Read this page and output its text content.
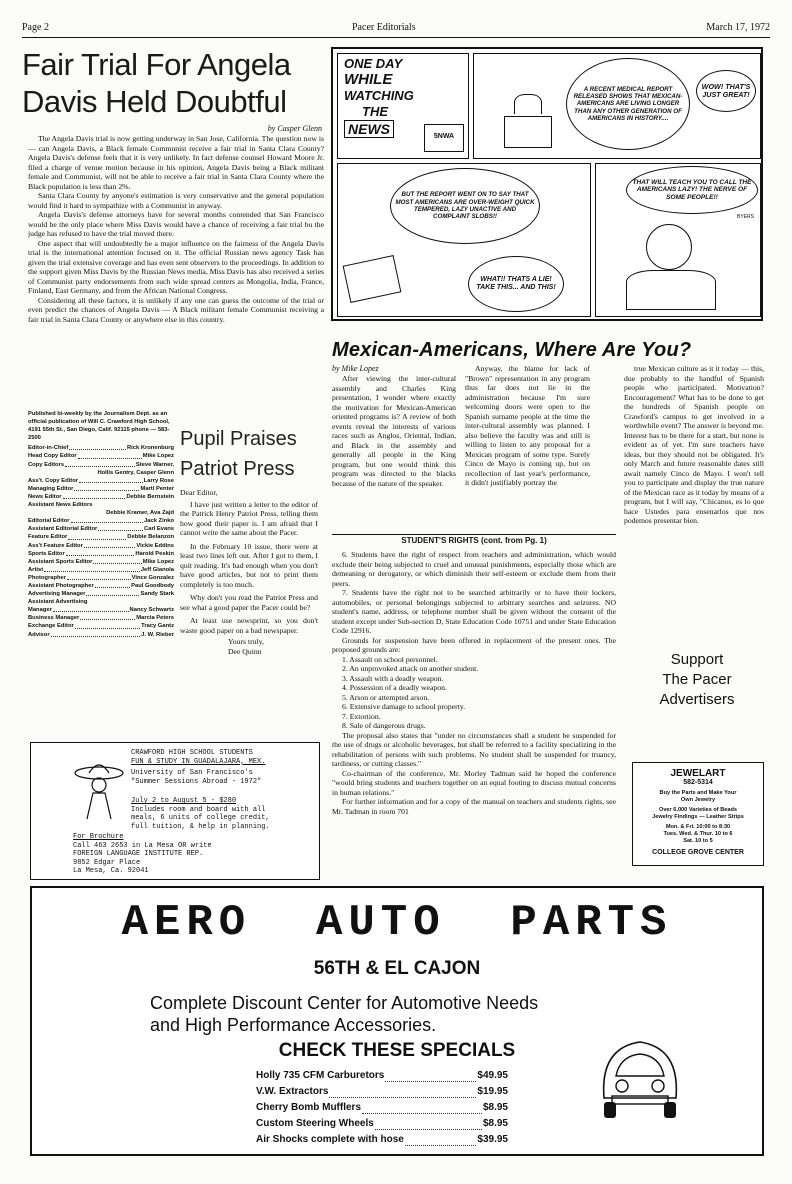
Page 2	Pacer Editorials	March 17, 1972
Fair Trial For Angela
Davis Held Doubtful
by Casper Glenn

The Angela Davis trial is now getting underway in San Jose, California. The question now is — can Angela Davis, a Black female Communist receive a fair trial in Santa Clara County? Angela Davis's defense feels that it is very unlikely. In fact defense counsel Howard Moore Jr. filed a charge of venue motion because in his opinion, Angela Davis being a Black militant female and Communist, will not be able to receive a fair trial in Santa Clara County where the Black population is less than 2%.

Santa Clara County by anyone's estimation is very conservative and the general population would find it hard to sympathize with a Communist in anyway.

Angela Davis's defense attorneys have for several months contended that San Francisco would be the only place where Miss Davis would have a chance of receiving a fair trial bu the judge has refused to have the trial moved there.

One aspect that will undoubtedly be a major influence on the fairness of the Angela Davis trial is the international attention focused on it. The official Russian news agency Task has given the trial extensive coverage and has even sent observers to the proceedings. In addition to the support given Miss Davis by the Russian News media, Miss Davis has also received a series of Communist party endorsements from such wide spread centers as Mongolia, India, France, Finland, East Germany, and from the African National Congress.

Considering all these factors, it is unlikely if any one can guess the outcome of the trial or even predict the chances of Angela Davis — A Black militant female Communist receiving a fair trial in Santa Clara County or anywhere else in this country.

ONE DAY
WHILE
WATCHING
THE
NEWS	5NWA
A RECENT MEDICAL REPORT RELEASED SHOWS THAT MEXICAN-AMERICANS ARE LIVING LONGER THAN ANY OTHER GENERATION OF AMERICANS IN HISTORY....
WOW! THAT'S JUST GREAT!
BUT THE REPORT WENT ON TO SAY THAT MOST AMERICANS ARE OVER-WEIGHT QUICK TEMPERED, LAZY UNACTIVE AND COMPLAINT SLOBS!!
WHAT!! THATS A LIE! TAKE THIS... AND THIS!
THAT WILL TEACH YOU TO CALL THE AMERICANS LAZY! THE NERVE OF SOME PEOPLE!!
BYERS
Mexican-Americans, Where Are You?
by Mike Lopez
After viewing the inter-cultural assembly and Charles King presentation, I wonder where exactly the motivation for Mexican-American oriented programs is? A review of both events reveal the interests of various races such as Anglos, Oriental, Indian, and Black in the assembly and generally all people in the King program, but one would think this program was directed to the blacks because of the nature of the speaker.
Anyway, the blame for lack of "Brown" representation in any program thus far does not lie in the administration because I'm sure welcoming doors were open to the Spanish surname people at the time the inter-cultural assembly was planned. I also believe the faculty was and still is willing to listen to any proposal for a Mexican program of some type. Surely Cinco de Mayo is coming up, but on recollection of last year's performance, it didn't justifiably portray the
true Mexican culture as it it today — this, due probably to the handful of Spanish people who participated. Motivation? Encouragement? What has to be done to get the hundreds of Spanish people on Crawford's campus to get involved in a worthwhile event? The answer is beyond me. Interest has to be there for a start, but none is evident as of yet. I'm sure teachers have ideas, but they should not be obligated. It's only March and future reasonable dates still await namely Cinco de Mayo. I won't tell you to participate and display the true nature of the Mexican race as it today by means of a program, but I will say, "Chicanos, es lo que hace Ustedes para ensenarlos que nos podemos presentar bien.
Published bi-weekly by the Journalism Dept. as an official publication of Will C. Crawford High School, 4191 55th St., San Diego, Calif. 92115 phone — 583-2500
Editor-in-Chief	Rick Kronenburg
Head Copy Editor	Mike Lopez
Copy Editors	Steve Warner,
Hollis Gentry, Casper Glenn
Ass't. Copy Editor	Larry Rose
Managing Editor	Marti Penter
News Editor	Debbie Bernstein
Assistant News Editors
Debbie Kramer, Ava Zajd
Editorial Editor	Jack Zinko
Assistant Editorial Editor	Carl Evans
Feature Editor	Debbie Belanzon
Ass't Feature Editor	Vickie Eddins
Sports Editor	Harold Peskin
Assistant Sports Editor	Mike Lopez
Artist	Jeff Gianola
Photographer	Vince Gonzalez
Assistant Photographer	Paul Goodbody
Advertising Manager	Sandy Stark
Assistant Advertising
Manager	Nancy Schwartz
Business Manager	Marcia Peters
Exchange Editor	Tracy Gantz
Advisor	J. W. Rieber
Pupil Praises
Patriot Press
Dear Editor,

I have just written a letter to the editor of the Patrick Henry Patriot Press, telling them how good their paper is. I am afraid that I cannot write the same about the Pacer.

In the February 10 issue, there were at least two lines left out. After I got to them, I quit reading. It's bad enough when you don't have good articles, but not to print them completely is too much.

Why don't you read the Patriot Press and see what a good paper the Pacer could be?

At least use newsprint, so you don't waste good paper on a bad newspaper.

Yours truly,
Dee Quinn
STUDENT'S RIGHTS (cont. from Pg. 1)

6. Students have the right of respect from teachers and administration, which would exclude their being subjected to cruel and unusual punishments, especially those which are demeaning or derogatory, or which diminish their self-esteem or exclude them from their peers.

7. Students have the right not to be searched arbitrarily or to have their lockers, automobiles, or personal belongings subjected to arbitrary searches and seizures. NO student's name, address, or telephone number shall be given without the consent of the student except under Sub-section D, State Education Code 10751 and under State Education Code 12916.

Grounds for suspension have been offered in replacement of the present ones. The proposed grounds are:

1. Assault on school personnel.
2. An unprovoked attack on another student.
3. Assault with a deadly weapon.
4. Possession of a deadly weapon.
5. Arson or attempted arson.
6. Extensive damage to school property.
7. Extortion.
8. Sale of dangerous drugs.

The proposal also states that "under no circumstances shall a student be suspended for the use of drugs or alcoholic beverages, but shall be referred to a facility specializing in the rehabilitation of persons with such problems. No student shall be suspended for truancy, tardiness, or cutting classes."

Co-chairman of the conference, Mr. Morley Tadman said he hoped the conference "would bring students and teachers together on an equal footing to discuss mutual concerns in human relations."

For further information and for a copy of the manual on teachers and students rights, see Mr. Tadman in room 701

Support
The Pacer
Advertisers
CRAWFORD HIGH SCHOOL STUDENTS
FUN & STUDY IN GUADALAJARA, MEX.
University of San Francisco's
"Summer Sessions Abroad - 1972"
July 2 to August 5 - $280
Includes room and board with all
meals, 6 units of college credit,
full tuition, & help in planning.
For Brochure
Call 463 2653 in La Mesa OR write
FOREIGN LANGUAGE INSTITUTE REP.
9852 Edgar Place
La Mesa, Ca. 92041
JEWELART
582-5314
Buy the Parts and Make Your
Own Jewelry
Over 6,000 Varieties of Beads
Jewelry Findings — Leather Strips
Mon. & Fri. 10:00 to 8:30
Tues. Wed. & Thur. 10 to 6
Sat. 10 to 5
COLLEGE GROVE CENTER
AERO  AUTO  PARTS
56TH & EL CAJON
Complete Discount Center for Automotive Needs
and High Performance Accessories.
CHECK THESE SPECIALS
Holly 735 CFM Carburetors	$49.95
V.W. Extractors	$19.95
Cherry Bomb Mufflers	$8.95
Custom Steering Wheels	$8.95
Air Shocks complete with hose	$39.95
